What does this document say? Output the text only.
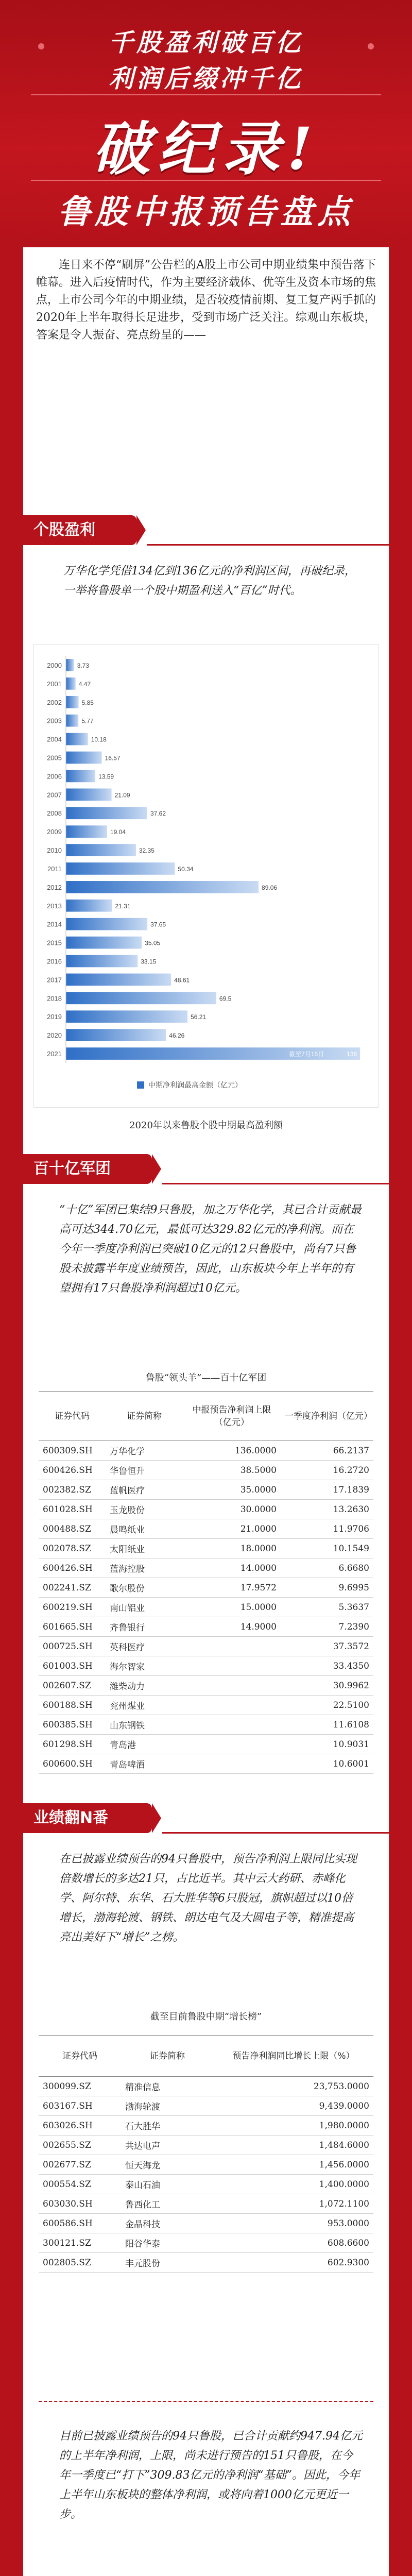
千股盈利破百亿
利润后缀冲千亿
破纪录!
鲁股中报预告盘点

连日来不停“刷屏”公告栏的A股上市公司中期业绩集中预告落下帷幕。进入后疫情时代，作为主要经济载体、优等生及资本市场的焦点，上市公司今年的中期业绩，是否较疫情前期、复工复产两手抓的2020年上半年取得长足进步，受到市场广泛关注。综观山东板块，答案是令人振奋、亮点纷呈的——

个股盈利

万华化学凭借134亿到136亿元的净利润区间，再破纪录，一举将鲁股单一个股中期盈利送入“百亿”时代。

2000 3.73
2001	4.47
2002	5.85
2003	5.77
2004	10.18
2005	16.57
2006	13.59
2007	21.09
2008	37.62
2009	19.04
2010	32.35
2011	50.34
2012	89.06
2013	21.31
2014	37.65
2015	35.05
2016	33.15
2017	48.61
2018	69.5
2019	56.21
2020	46.26
2021	136
截至7月15日
中期净利润最高金额（亿元）
2020年以来鲁股个股中期最高盈利额
百十亿军团

“十亿”军团已集结9只鲁股，加之万华化学，其已合计贡献最高可达344.70亿元，最低可达329.82亿元的净利润。而在今年一季度净利润已突破10亿元的12只鲁股中，尚有7只鲁股未披露半年度业绩预告，因此，山东板块今年上半年的有望拥有17只鲁股净利润超过10亿元。

鲁股“领头羊”——百十亿军团
证券代码	证券简称	中报预告净利润上限（亿元）	一季度净利润（亿元）
600309.SH	万华化学	136.0000	66.2137
600426.SH	华鲁恒升	38.5000	16.2720
002382.SZ	蓝帆医疗	35.0000	17.1839
601028.SH	玉龙股份	30.0000	13.2630
000488.SZ	晨鸣纸业	21.0000	11.9706
002078.SZ	太阳纸业	18.0000	10.1549
600426.SH	蓝海控股	14.0000	6.6680
002241.SZ	歌尔股份	17.9572	9.6995
600219.SH	南山铝业	15.0000	5.3637
601665.SH	齐鲁银行	14.9000	7.2390
000725.SH	英科医疗		37.3572
601003.SH	海尔智家		33.4350
002607.SZ	潍柴动力		30.9962
600188.SH	兖州煤业		22.5100
600385.SH	山东钢铁		11.6108
601298.SH	青岛港		10.9031
600600.SH	青岛啤酒		10.6001
业绩翻N番

在已披露业绩预告的94只鲁股中，预告净利润上限同比实现倍数增长的多达21只，占比近半。其中云大药研、赤峰化学、阿尔特、东华、石大胜华等6只股冠，旗帜超过以10倍增长，渤海轮渡、钢铁、朗达电气及大圆电子等，精准提高亮出美好下“增长”之榜。

截至目前鲁股中期“增长榜”
证券代码	证券简称	预告净利润同比增长上限（%）
300099.SZ	精准信息	23,753.0000
603167.SH	渤海轮渡	9,439.0000
603026.SH	石大胜华	1,980.0000
002655.SZ	共达电声	1,484.6000
002677.SZ	恒天海龙	1,456.0000
000554.SZ	泰山石油	1,400.0000
603030.SH	鲁西化工	1,072.1100
600586.SH	金晶科技	953.0000
300121.SZ	阳谷华泰	608.6600
002805.SZ	丰元股份	602.9300

目前已披露业绩预告的94只鲁股，已合计贡献约947.94亿元的上半年净利润，上限，尚未进行预告的151只鲁股，在今年一季度已“打下”309.83亿元的净利润“基础”。因此，今年上半年山东板块的整体净利润，或将向着1000亿元更近一步。
